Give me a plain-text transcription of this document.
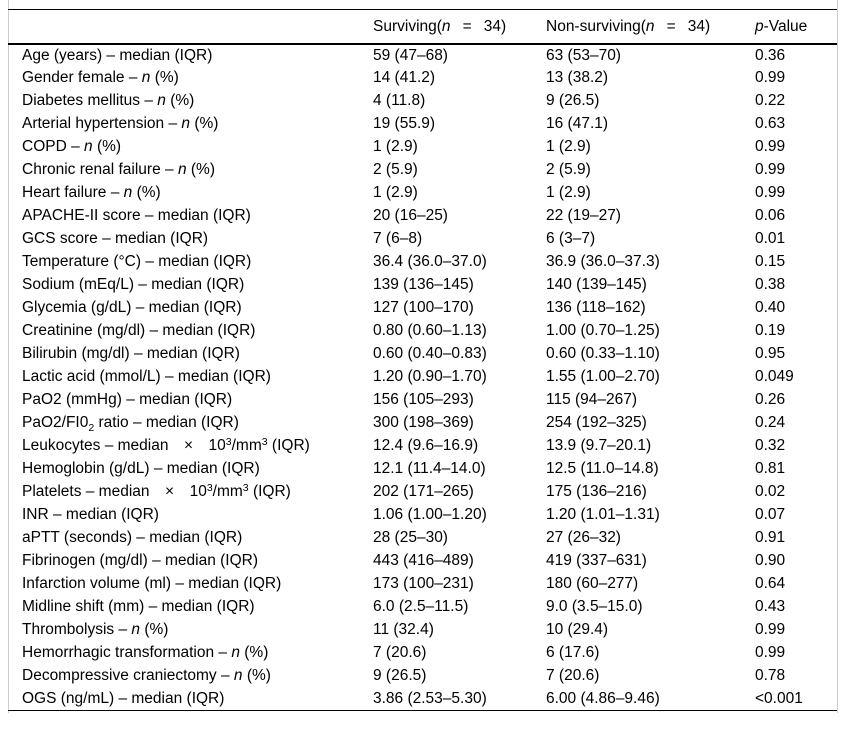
	Surviving(n  =  34)	Non-surviving(n  =  34)	p-Value
Age (years) – median (IQR)	59 (47–68)	63 (53–70)	0.36
Gender female – n (%)	14 (41.2)	13 (38.2)	0.99
Diabetes mellitus – n (%)	4 (11.8)	9 (26.5)	0.22
Arterial hypertension – n (%)	19 (55.9)	16 (47.1)	0.63
COPD – n (%)	1 (2.9)	1 (2.9)	0.99
Chronic renal failure – n (%)	2 (5.9)	2 (5.9)	0.99
Heart failure – n (%)	1 (2.9)	1 (2.9)	0.99
APACHE-II score – median (IQR)	20 (16–25)	22 (19–27)	0.06
GCS score – median (IQR)	7 (6–8)	6 (3–7)	0.01
Temperature (°C) – median (IQR)	36.4 (36.0–37.0)	36.9 (36.0–37.3)	0.15
Sodium (mEq/L) – median (IQR)	139 (136–145)	140 (139–145)	0.38
Glycemia (g/dL) – median (IQR)	127 (100–170)	136 (118–162)	0.40
Creatinine (mg/dl) – median (IQR)	0.80 (0.60–1.13)	1.00 (0.70–1.25)	0.19
Bilirubin (mg/dl) – median (IQR)	0.60 (0.40–0.83)	0.60 (0.33–1.10)	0.95
Lactic acid (mmol/L) – median (IQR)	1.20 (0.90–1.70)	1.55 (1.00–2.70)	0.049
PaO2 (mmHg) – median (IQR)	156 (105–293)	115 (94–267)	0.26
$PaO2/FI0_2$ ratio – median (IQR)	300 (198–369)	254 (192–325)	0.24
Leukocytes – median × $10^3/mm^3$ (IQR)	12.4 (9.6–16.9)	13.9 (9.7–20.1)	0.32
Hemoglobin (g/dL) – median (IQR)	12.1 (11.4–14.0)	12.5 (11.0–14.8)	0.81
Platelets – median × $10^3/mm^3$ (IQR)	202 (171–265)	175 (136–216)	0.02
INR – median (IQR)	1.06 (1.00–1.20)	1.20 (1.01–1.31)	0.07
aPTT (seconds) – median (IQR)	28 (25–30)	27 (26–32)	0.91
Fibrinogen (mg/dl) – median (IQR)	443 (416–489)	419 (337–631)	0.90
Infarction volume (ml) – median (IQR)	173 (100–231)	180 (60–277)	0.64
Midline shift (mm) – median (IQR)	6.0 (2.5–11.5)	9.0 (3.5–15.0)	0.43
Thrombolysis – n (%)	11 (32.4)	10 (29.4)	0.99
Hemorrhagic transformation – n (%)	7 (20.6)	6 (17.6)	0.99
Decompressive craniectomy – n (%)	9 (26.5)	7 (20.6)	0.78
OGS (ng/mL) – median (IQR)	3.86 (2.53–5.30)	6.00 (4.86–9.46)	<0.001
